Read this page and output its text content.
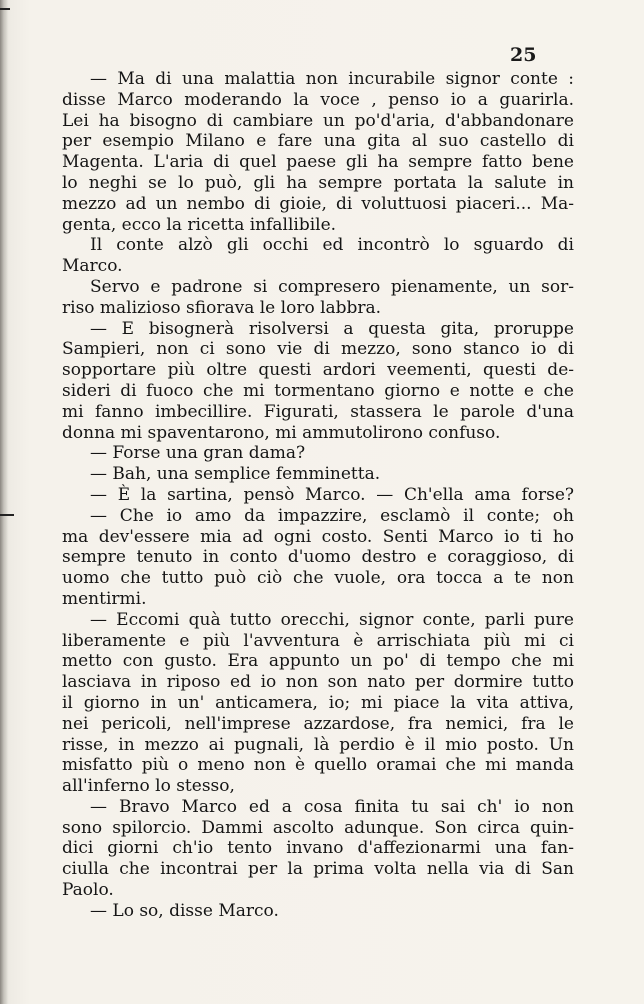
25
— Ma di una malattia non incurabile signor conte :
disse Marco moderando la voce , penso io a guarirla.
Lei ha bisogno di cambiare un po'd'aria, d'abbandonare
per esempio Milano e fare una gita al suo castello di
Magenta. L'aria di quel paese gli ha sempre fatto bene
lo neghi se lo può, gli ha sempre portata la salute in
mezzo ad un nembo di gioie, di voluttuosi piaceri... Ma-
genta, ecco la ricetta infallibile.
Il conte alzò gli occhi ed incontrò lo sguardo di
Marco.
Servo e padrone si compresero pienamente, un sor-
riso malizioso sfiorava le loro labbra.
— E bisognerà risolversi a questa gita, proruppe
Sampieri, non ci sono vie di mezzo, sono stanco io di
sopportare più oltre questi ardori veementi, questi de-
sideri di fuoco che mi tormentano giorno e notte e che
mi fanno imbecillire. Figurati, stassera le parole d'una
donna mi spaventarono, mi ammutolirono confuso.
— Forse una gran dama?
— Bah, una semplice femminetta.
— È la sartina, pensò Marco. — Ch'ella ama forse?
— Che io amo da impazzire, esclamò il conte; oh
ma dev'essere mia ad ogni costo. Senti Marco io ti ho
sempre tenuto in conto d'uomo destro e coraggioso, di
uomo che tutto può ciò che vuole, ora tocca a te non
mentirmi.
— Eccomi quà tutto orecchi, signor conte, parli pure
liberamente e più l'avventura è arrischiata più mi ci
metto con gusto. Era appunto un po' di tempo che mi
lasciava in riposo ed io non son nato per dormire tutto
il giorno in un' anticamera, io; mi piace la vita attiva,
nei pericoli, nell'imprese azzardose, fra nemici, fra le
risse, in mezzo ai pugnali, là perdio è il mio posto. Un
misfatto più o meno non è quello oramai che mi manda
all'inferno lo stesso,
— Bravo Marco ed a cosa finita tu sai ch' io non
sono spilorcio. Dammi ascolto adunque. Son circa quin-
dici giorni ch'io tento invano d'affezionarmi una fan-
ciulla che incontrai per la prima volta nella via di San
Paolo.
— Lo so, disse Marco.
